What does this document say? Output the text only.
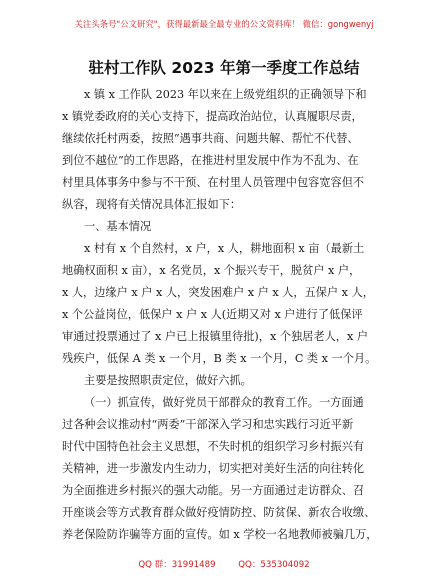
关注头条号"公文研究"，获得最新最全最专业的公文资料库！ 微信：gongwenyj
驻村工作队 2023 年第一季度工作总结
x 镇 x 工作队 2023 年以来在上级党组织的正确领导下和
x 镇党委政府的关心支持下，提高政治站位，认真履职尽责，
继续依托村两委，按照“遇事共商、问题共解、帮忙不代替、
到位不越位”的工作思路，在推进村里发展中作为不乱为、在
村里具体事务中参与不干预、在村里人员管理中包容宽容但不
纵容，现将有关情况具体汇报如下：
一、基本情况
x 村有 x 个自然村，x 户，x 人，耕地面积 x 亩（最新土
地确权面积 x 亩），x 名党员，x 个振兴专干，脱贫户 x 户，
x 人，边缘户 x 户 x 人，突发困难户 x 户 x 人，五保户 x 人，
x 个公益岗位，低保户 x 户 x 人(近期又对 x 户进行了低保评
审通过投票通过了 x 户已上报镇里待批)，x 个独居老人，x 户
残疾户，低保 A 类 x 一个月，B 类 x 一个月，C 类 x 一个月。
主要是按照职责定位，做好六抓。
（一）抓宣传，做好党员干部群众的教育工作。一方面通
过各种会议推动村“两委”干部深入学习和忠实践行习近平新
时代中国特色社会主义思想，不失时机的组织学习乡村振兴有
关精神，进一步激发内生动力，切实把对美好生活的向往转化
为全面推进乡村振兴的强大动能。另一方面通过走访群众、召
开座谈会等方式教育群众做好疫情防控、防贫保、新农合收缴、
养老保险防诈骗等方面的宣传。如 x 学校一名地教师被骗几万，
QQ 群：31991489	QQ：535304092
